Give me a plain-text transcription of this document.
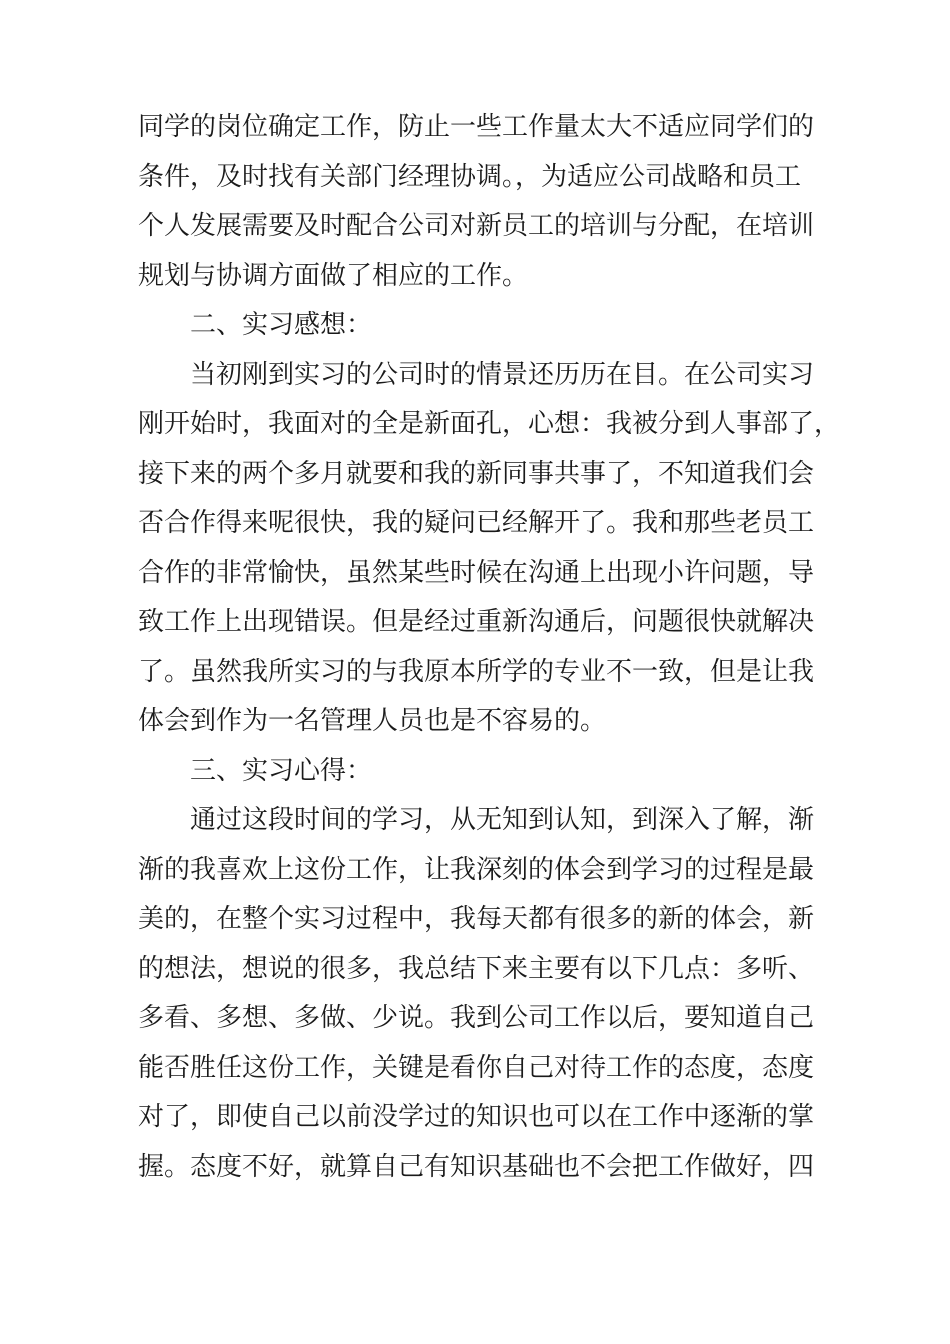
同学的岗位确定工作，防止一些工作量太大不适应同学们的
条件，及时找有关部门经理协调。，为适应公司战略和员工
个人发展需要及时配合公司对新员工的培训与分配，在培训
规划与协调方面做了相应的工作。
二、实习感想：
当初刚到实习的公司时的情景还历历在目。在公司实习
刚开始时，我面对的全是新面孔，心想：我被分到人事部了，
接下来的两个多月就要和我的新同事共事了，不知道我们会
否合作得来呢很快，我的疑问已经解开了。我和那些老员工
合作的非常愉快，虽然某些时候在沟通上出现小许问题，导
致工作上出现错误。但是经过重新沟通后，问题很快就解决
了。虽然我所实习的与我原本所学的专业不一致，但是让我
体会到作为一名管理人员也是不容易的。
三、实习心得：
通过这段时间的学习，从无知到认知，到深入了解，渐
渐的我喜欢上这份工作，让我深刻的体会到学习的过程是最
美的，在整个实习过程中，我每天都有很多的新的体会，新
的想法，想说的很多，我总结下来主要有以下几点：多听、
多看、多想、多做、少说。我到公司工作以后，要知道自己
能否胜任这份工作，关键是看你自己对待工作的态度，态度
对了，即使自己以前没学过的知识也可以在工作中逐渐的掌
握。态度不好，就算自己有知识基础也不会把工作做好，四
